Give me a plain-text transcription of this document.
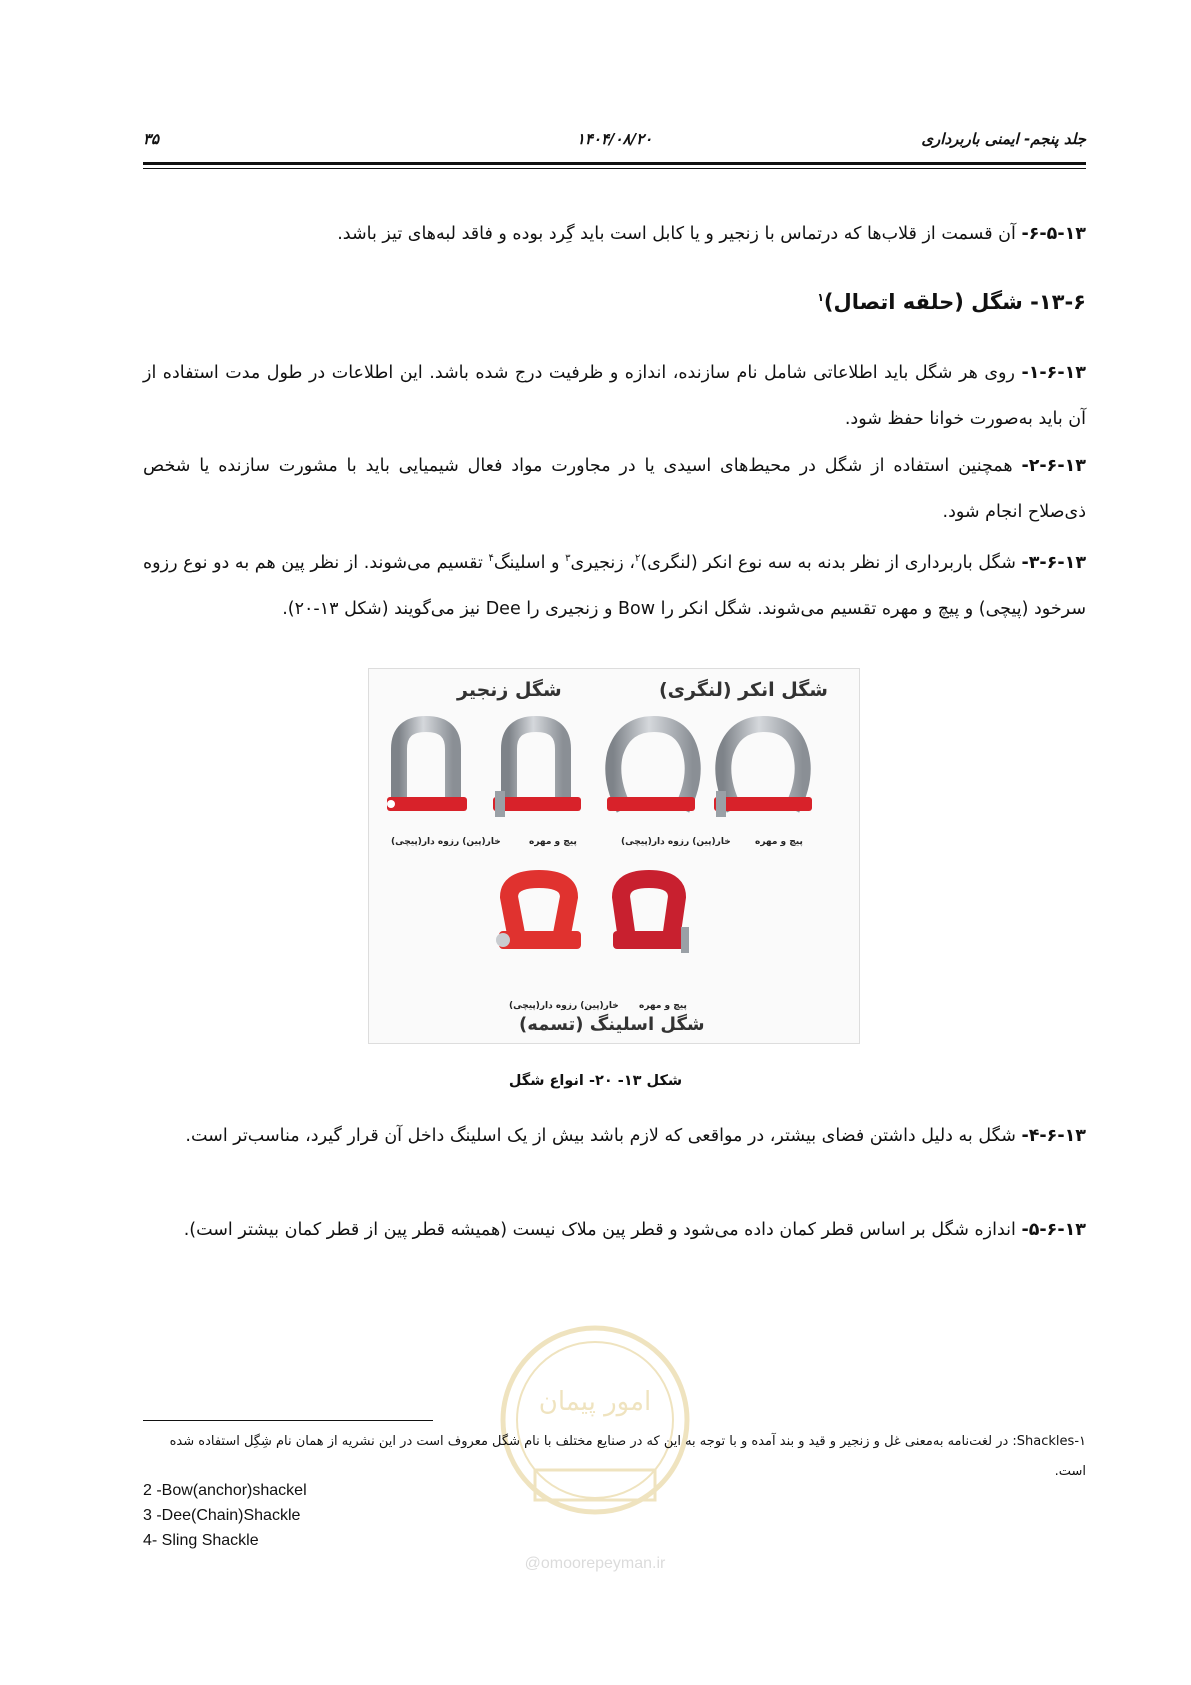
جلد پنجم- ایمنی باربرداری
۱۴۰۴/۰۸/۲۰
۳۵
۶-۵-۱۳- آن قسمت از قلاب‌ها که درتماس با زنجیر و یا کابل است باید گِرد بوده و فاقد لبه‌های تیز باشد.
۱۳-۶- شگل (حلقه اتصال)$^۱$
۱-۶-۱۳- روی هر شگل باید اطلاعاتی شامل نام سازنده، اندازه و ظرفیت درج شده باشد. این اطلاعات در طول مدت استفاده از آن باید به‌صورت خوانا حفظ شود.
۲-۶-۱۳- همچنین استفاده از شگل در محیط‌های اسیدی یا در مجاورت مواد فعال شیمیایی باید با مشورت سازنده یا شخص ذی‌صلاح انجام شود.
۳-۶-۱۳- شگل باربرداری از نظر بدنه به سه نوع انکر (لنگری)$^۲$، زنجیری$^۳$ و اسلینگ$^۴$ تقسیم می‌شوند. از نظر پین هم به دو نوع رزوه سرخود (پیچی) و پیچ و مهره تقسیم می‌شوند. شگل انکر را Bow و زنجیری را Dee نیز می‌گویند (شکل ۱۳-۲۰).
شگل زنجیر	شگل انکر (لنگری)
خار(پین) رزوه دار(پیچی)	پیچ و مهره	خار(پین) رزوه دار(پیچی)	پیچ و مهره
خار(پین) رزوه دار(پیچی) پیچ و مهره
شگل اسلینگ (تسمه)
شکل ۱۳- ۲۰- انواع شگل
۴-۶-۱۳- شگل به دلیل داشتن فضای بیشتر، در مواقعی که لازم باشد بیش از یک اسلینگ داخل آن قرار گیرد، مناسب‌تر است.
۵-۶-۱۳- اندازه شگل بر اساس قطر کمان داده می‌شود و قطر پین ملاک نیست (همیشه قطر پین از قطر کمان بیشتر است).
@omoorepeyman.ir
امور پیمان
Shackles-۱: در لغت‌نامه به‌معنی غل و زنجیر و قید و بند آمده و با توجه به این که در صنایع مختلف با نام شگل معروف است در این نشریه از همان نام شِگِل استفاده شده است.
2 -Bow(anchor)shackel
3 -Dee(Chain)Shackle
4- Sling Shackle
